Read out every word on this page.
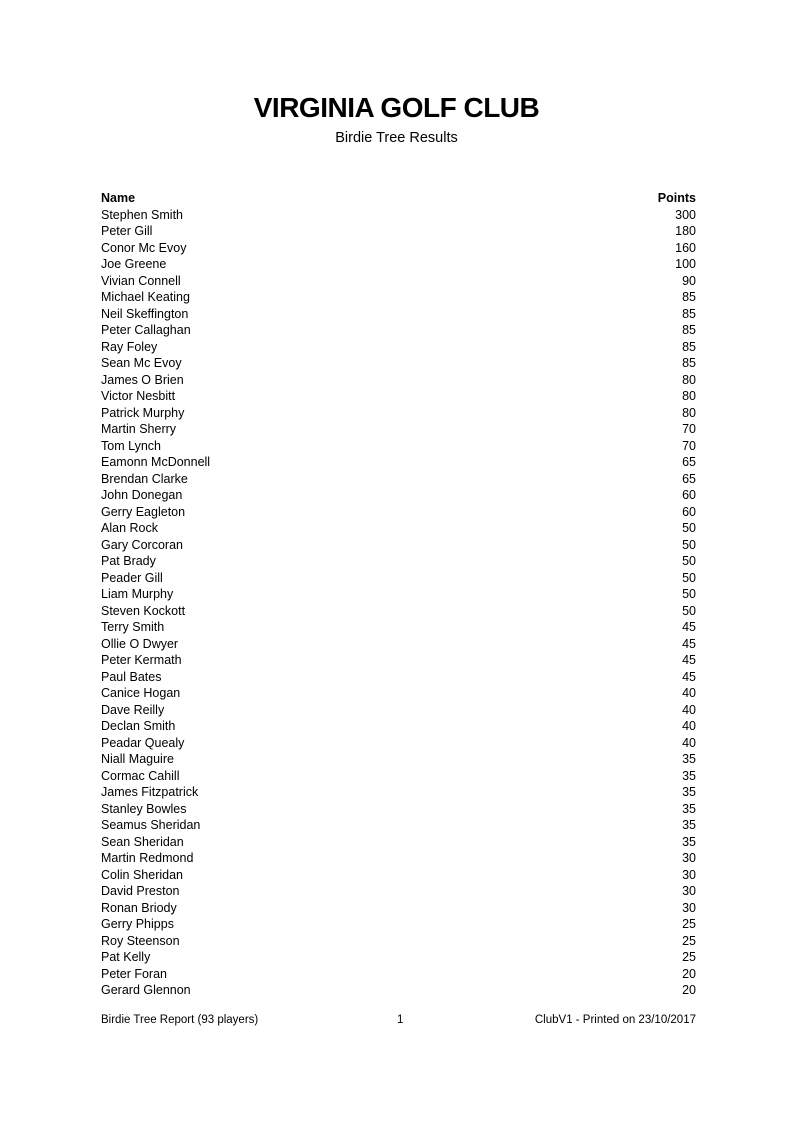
VIRGINIA GOLF CLUB
Birdie Tree Results
Name	Points
Stephen Smith	300
Peter Gill	180
Conor Mc Evoy	160
Joe Greene	100
Vivian Connell	90
Michael Keating	85
Neil Skeffington	85
Peter Callaghan	85
Ray Foley	85
Sean Mc Evoy	85
James O Brien	80
Victor Nesbitt	80
Patrick Murphy	80
Martin Sherry	70
Tom Lynch	70
Eamonn McDonnell	65
Brendan Clarke	65
John Donegan	60
Gerry Eagleton	60
Alan Rock	50
Gary Corcoran	50
Pat Brady	50
Peader Gill	50
Liam Murphy	50
Steven Kockott	50
Terry Smith	45
Ollie O Dwyer	45
Peter Kermath	45
Paul Bates	45
Canice Hogan	40
Dave Reilly	40
Declan Smith	40
Peadar Quealy	40
Niall Maguire	35
Cormac Cahill	35
James Fitzpatrick	35
Stanley Bowles	35
Seamus Sheridan	35
Sean Sheridan	35
Martin Redmond	30
Colin Sheridan	30
David Preston	30
Ronan Briody	30
Gerry Phipps	25
Roy Steenson	25
Pat Kelly	25
Peter Foran	20
Gerard Glennon	20
Birdie Tree Report (93 players)	1	ClubV1 - Printed on 23/10/2017
